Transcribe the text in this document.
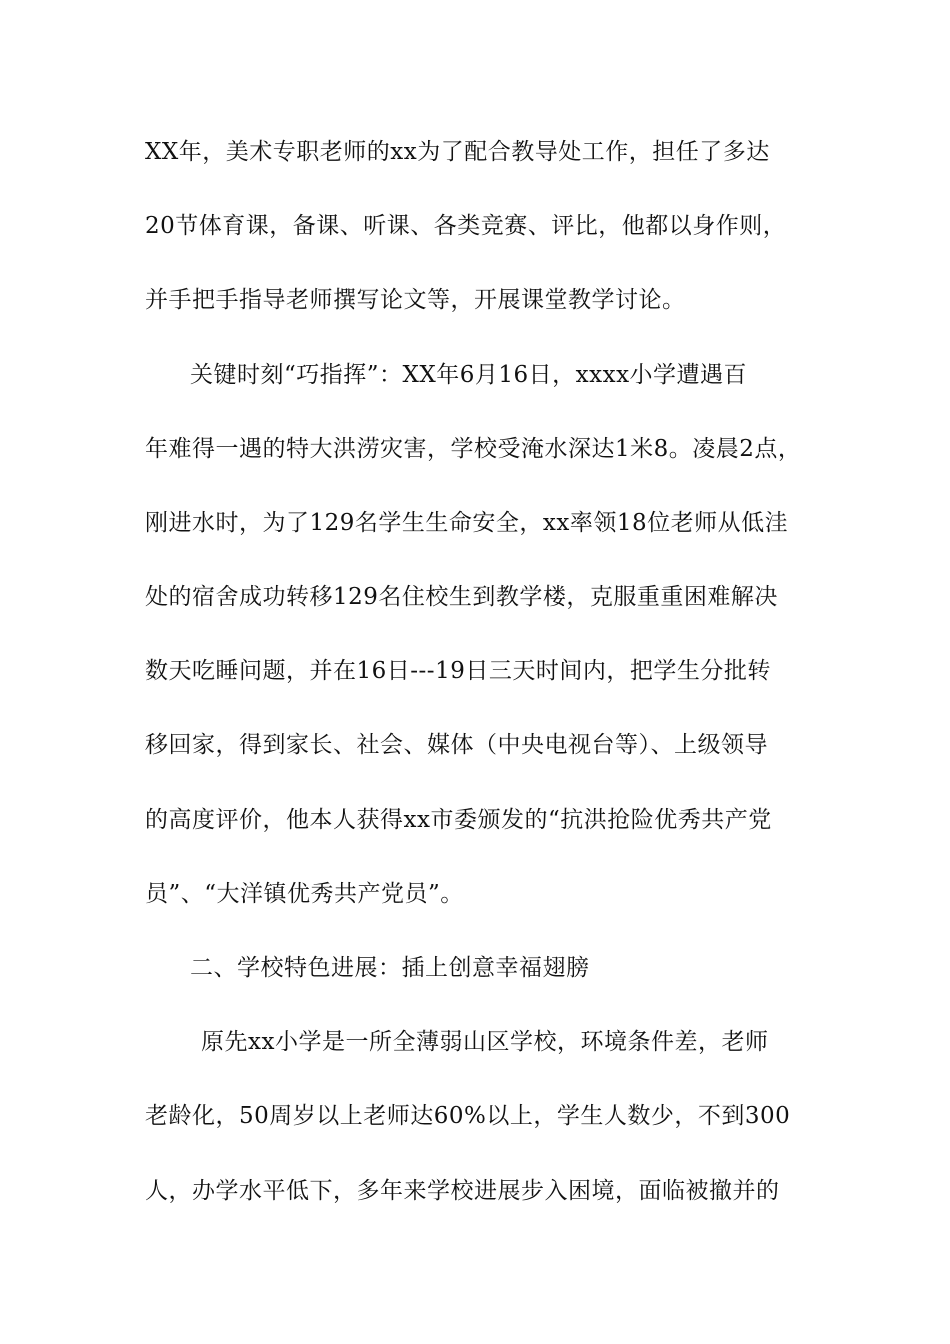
XX年，美术专职老师的xx为了配合教导处工作，担任了多达
20节体育课，备课、听课、各类竞赛、评比，他都以身作则，
并手把手指导老师撰写论文等，开展课堂教学讨论。
关键时刻“巧指挥”：XX年6月16日，xxxx小学遭遇百
年难得一遇的特大洪涝灾害，学校受淹水深达1米8。凌晨2点，
刚进水时，为了129名学生生命安全，xx率领18位老师从低洼
处的宿舍成功转移129名住校生到教学楼，克服重重困难解决
数天吃睡问题，并在16日---19日三天时间内，把学生分批转
移回家，得到家长、社会、媒体（中央电视台等）、上级领导
的高度评价，他本人获得xx市委颁发的“抗洪抢险优秀共产党
员”、“大洋镇优秀共产党员”。
二、学校特色进展：插上创意幸福翅膀
原先xx小学是一所全薄弱山区学校，环境条件差，老师
老龄化，50周岁以上老师达60%以上，学生人数少，不到300
人，办学水平低下，多年来学校进展步入困境，面临被撤并的
